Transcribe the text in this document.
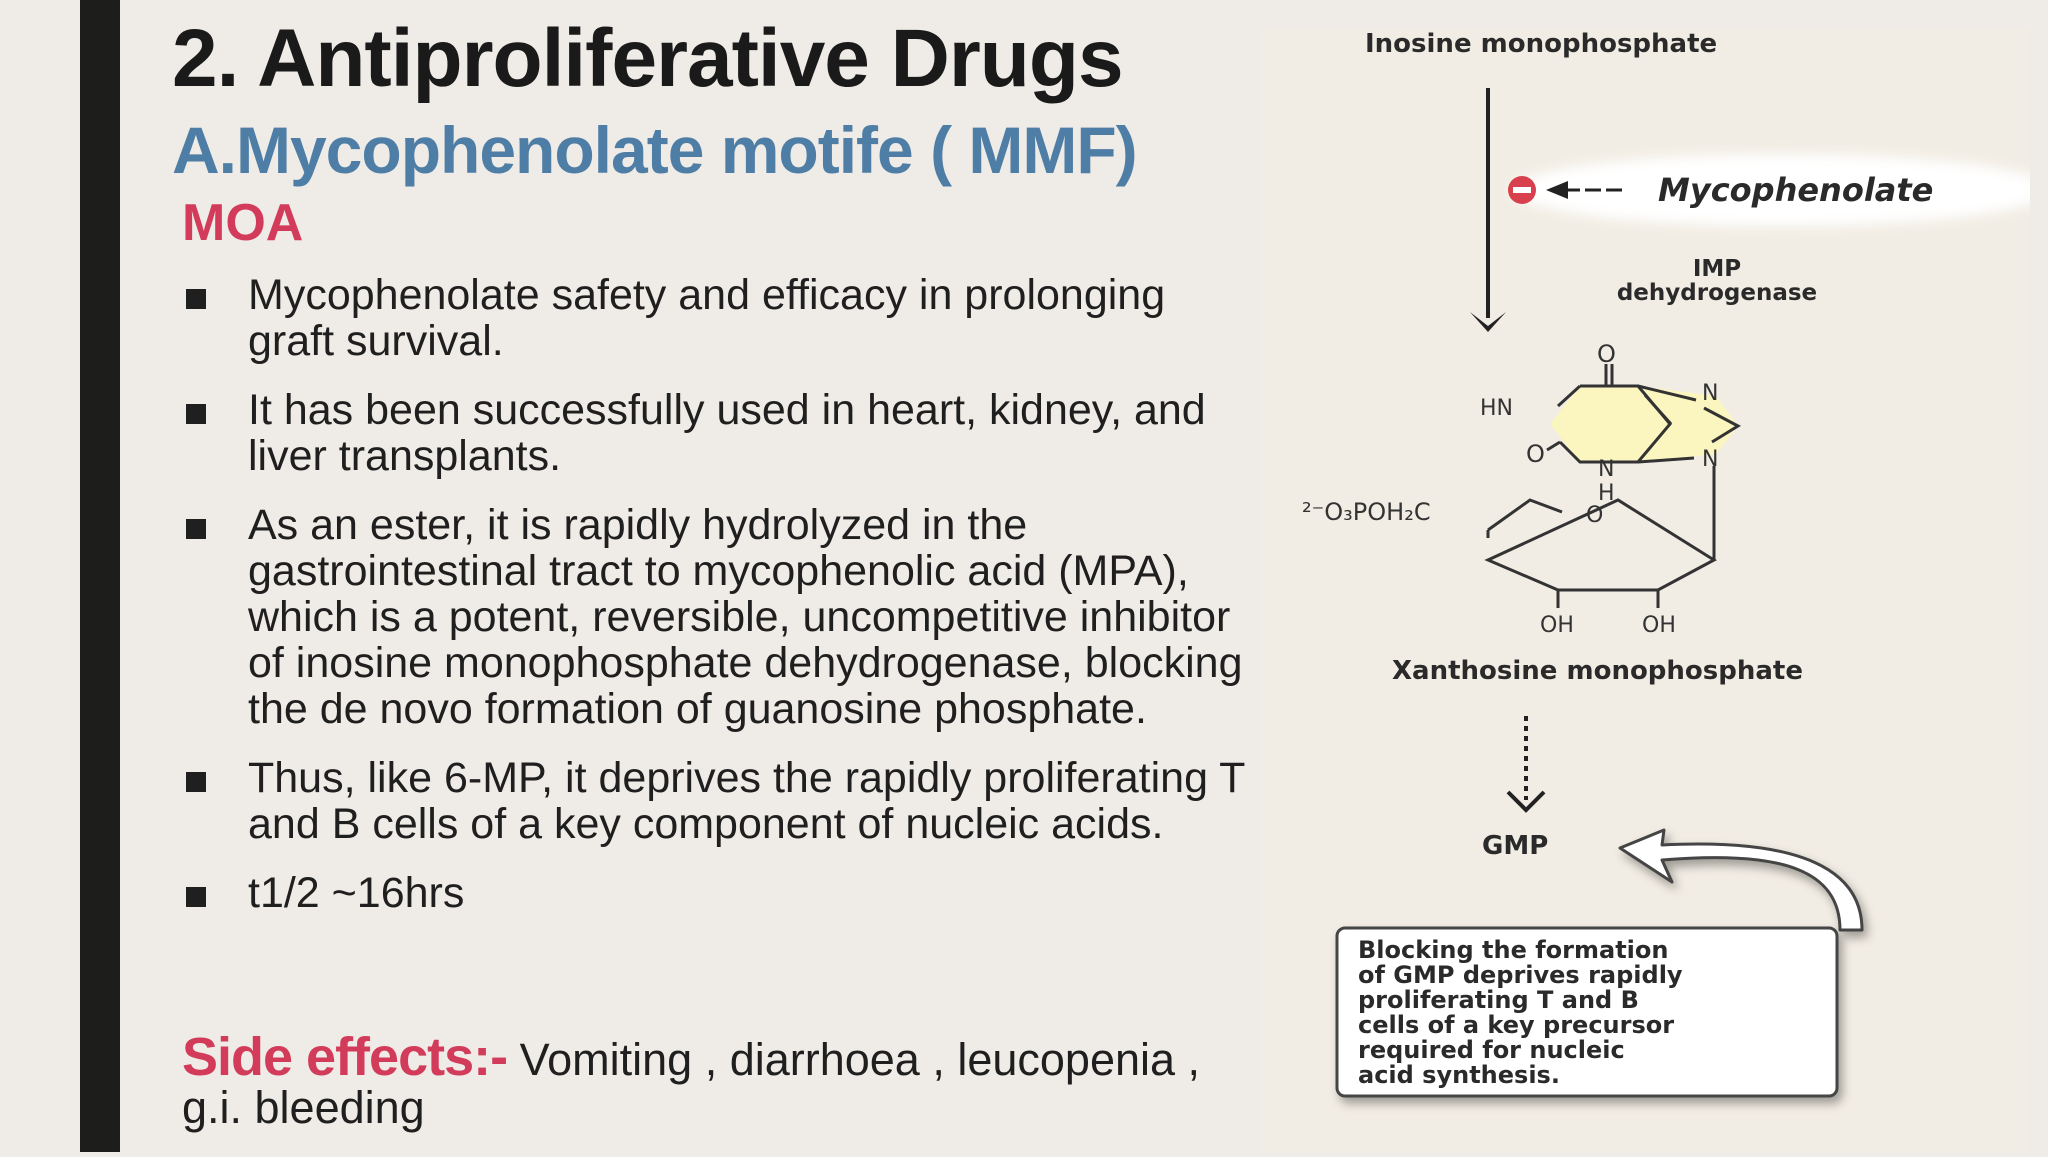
2. Antiproliferative Drugs
A.Mycophenolate motife ( MMF)
MOA
Mycophenolate safety and efficacy in prolonging graft survival.
It has been successfully used in heart, kidney, and liver transplants.
As an ester, it is rapidly hydrolyzed in the gastrointestinal tract to mycophenolic acid (MPA), which is a potent, reversible, uncompetitive inhibitor of inosine monophosphate dehydrogenase, blocking the de novo formation of guanosine phosphate.
Thus, like 6-MP, it deprives the rapidly proliferating T and B cells of a key component of nucleic acids.
t1/2 ~16hrs
Side effects:- Vomiting , diarrhoea , leucopenia , g.i. bleeding
Inosine monophosphate
Mycophenolate
IMP
dehydrogenase
HN
O
O
N
N
N
H
²⁻O₃POH₂C	O
OH	OH
Xanthosine monophosphate
GMP
Blocking the formation
of GMP deprives rapidly
proliferating T and B
cells of a key precursor
required for nucleic
acid synthesis.
